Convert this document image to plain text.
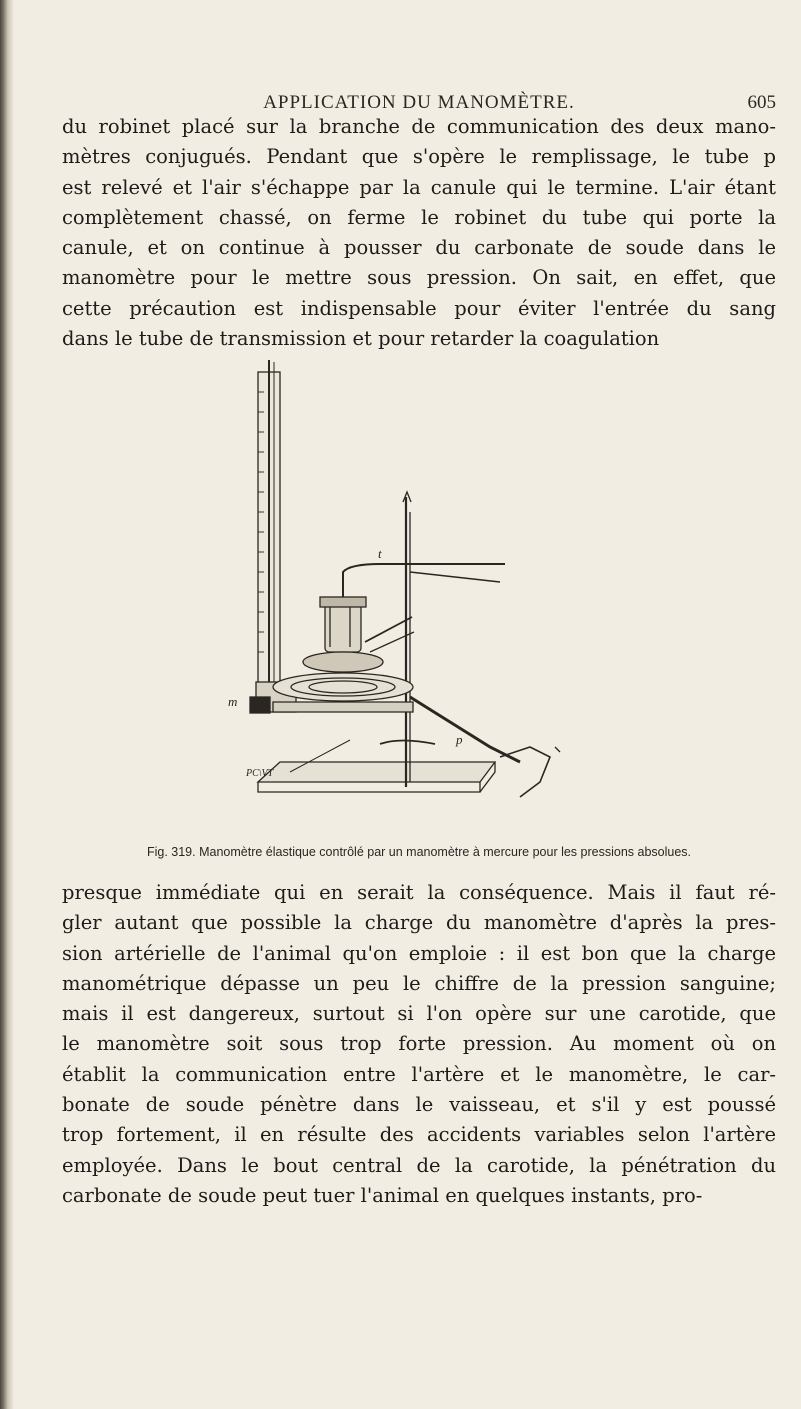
APPLICATION DU MANOMÈTRE.	605

du robinet placé sur la branche de communication des deux mano-
mètres conjugués. Pendant que s'opère le remplissage, le tube p
est relevé et l'air s'échappe par la canule qui le termine. L'air étant
complètement chassé, on ferme le robinet du tube qui porte la
canule, et on continue à pousser du carbonate de soude dans le
manomètre pour le mettre sous pression. On sait, en effet, que
cette précaution est indispensable pour éviter l'entrée du sang
dans le tube de transmission et pour retarder la coagulation

t
m
p
PC\VT
Fig. 319. Manomètre élastique contrôlé par un manomètre à mercure pour les pressions absolues.

presque immédiate qui en serait la conséquence. Mais il faut ré-
gler autant que possible la charge du manomètre d'après la pres-
sion artérielle de l'animal qu'on emploie : il est bon que la charge
manométrique dépasse un peu le chiffre de la pression sanguine;
mais il est dangereux, surtout si l'on opère sur une carotide, que
le manomètre soit sous trop forte pression. Au moment où on
établit la communication entre l'artère et le manomètre, le car-
bonate de soude pénètre dans le vaisseau, et s'il y est poussé
trop fortement, il en résulte des accidents variables selon l'artère
employée. Dans le bout central de la carotide, la pénétration du
carbonate de soude peut tuer l'animal en quelques instants, pro-
